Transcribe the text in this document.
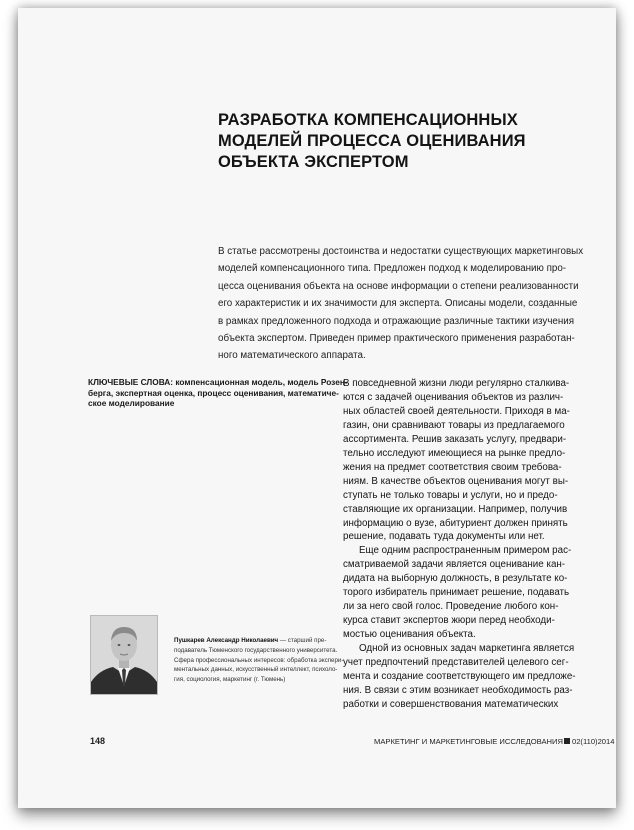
РАЗРАБОТКА КОМПЕНСАЦИОННЫХ
МОДЕЛЕЙ ПРОЦЕССА ОЦЕНИВАНИЯ
ОБЪЕКТА ЭКСПЕРТОМ
В статье рассмотрены достоинства и недостатки существующих маркетинговых
моделей компенсационного типа. Предложен подход к моделированию про-
цесса оценивания объекта на основе информации о степени реализованности
его характеристик и их значимости для эксперта. Описаны модели, созданные
в рамках предложенного подхода и отражающие различные тактики изучения
объекта экспертом. Приведен пример практического применения разработан-
ного математического аппарата.
КЛЮЧЕВЫЕ СЛОВА: компенсационная модель, модель Розен-
берга, экспертная оценка, процесс оценивания, математиче-
ское моделирование
В повседневной жизни люди регулярно сталкива-
ются с задачей оценивания объектов из различ-
ных областей своей деятельности. Приходя в ма-
газин, они сравнивают товары из предлагаемого
ассортимента. Решив заказать услугу, предвари-
тельно исследуют имеющиеся на рынке предло-
жения на предмет соответствия своим требова-
ниям. В качестве объектов оценивания могут вы-
ступать не только товары и услуги, но и предо-
ставляющие их организации. Например, получив
информацию о вузе, абитуриент должен принять
решение, подавать туда документы или нет.
Еще одним распространенным примером рас-
сматриваемой задачи является оценивание кан-
дидата на выборную должность, в результате ко-
торого избиратель принимает решение, подавать
ли за него свой голос. Проведение любого кон-
курса ставит экспертов жюри перед необходи-
мостью оценивания объекта.
Одной из основных задач маркетинга является
учет предпочтений представителей целевого сег-
мента и создание соответствующего им предложе-
ния. В связи с этим возникает необходимость раз-
работки и совершенствования математических
Пушкарев Александр Николаевич — старший пре-
подаватель Тюменского государственного университета.
Сфера профессиональных интересов: обработка экспери-
ментальных данных, искусственный интеллект, психоло-
гия, социология, маркетинг (г. Тюмень)
148	МАРКЕТИНГ И МАРКЕТИНГОВЫЕ ИССЛЕДОВАНИЯ 02(110)2014
